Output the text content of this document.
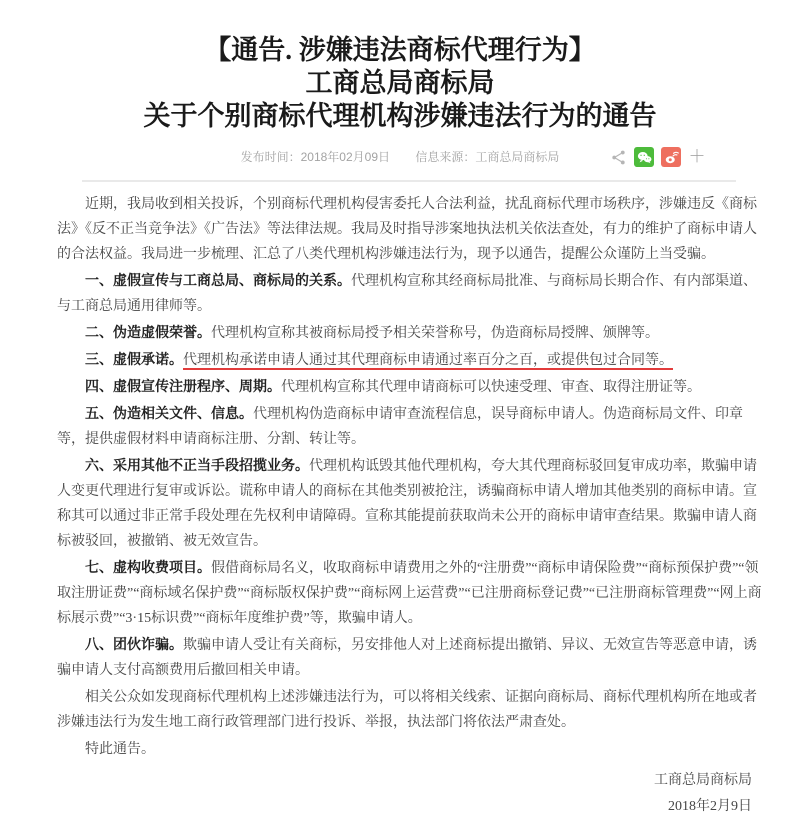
【通告. 涉嫌违法商标代理行为】
工商总局商标局
关于个别商标代理机构涉嫌违法行为的通告
发布时间：2018年02月09日 信息来源：工商总局商标局	＋

近期，我局收到相关投诉，个别商标代理机构侵害委托人合法利益，扰乱商标代理市场秩序，涉嫌违反《商标法》《反不正当竞争法》《广告法》等法律法规。我局及时指导涉案地执法机关依法查处，有力的维护了商标申请人的合法权益。我局进一步梳理、汇总了八类代理机构涉嫌违法行为，现予以通告，提醒公众谨防上当受骗。

一、虚假宣传与工商总局、商标局的关系。代理机构宣称其经商标局批准、与商标局长期合作、有内部渠道、与工商总局通用律师等。

二、伪造虚假荣誉。代理机构宣称其被商标局授予相关荣誉称号，伪造商标局授牌、颁牌等。

三、虚假承诺。代理机构承诺申请人通过其代理商标申请通过率百分之百，或提供包过合同等。

四、虚假宣传注册程序、周期。代理机构宣称其代理申请商标可以快速受理、审查、取得注册证等。

五、伪造相关文件、信息。代理机构伪造商标申请审查流程信息，误导商标申请人。伪造商标局文件、印章等，提供虚假材料申请商标注册、分割、转让等。

六、采用其他不正当手段招揽业务。代理机构诋毁其他代理机构，夸大其代理商标驳回复审成功率，欺骗申请人变更代理进行复审或诉讼。谎称申请人的商标在其他类别被抢注，诱骗商标申请人增加其他类别的商标申请。宣称其可以通过非正常手段处理在先权利申请障碍。宣称其能提前获取尚未公开的商标申请审查结果。欺骗申请人商标被驳回，被撤销、被无效宣告。

七、虚构收费项目。假借商标局名义，收取商标申请费用之外的“注册费”“商标申请保险费”“商标预保护费”“领取注册证费”“商标域名保护费”“商标版权保护费”“商标网上运营费”“已注册商标登记费”“已注册商标管理费”“网上商标展示费”“3·15标识费”“商标年度维护费”等，欺骗申请人。

八、团伙诈骗。欺骗申请人受让有关商标，另安排他人对上述商标提出撤销、异议、无效宣告等恶意申请，诱骗申请人支付高额费用后撤回相关申请。

相关公众如发现商标代理机构上述涉嫌违法行为，可以将相关线索、证据向商标局、商标代理机构所在地或者涉嫌违法行为发生地工商行政管理部门进行投诉、举报，执法部门将依法严肃查处。

特此通告。

工商总局商标局
2018年2月9日
